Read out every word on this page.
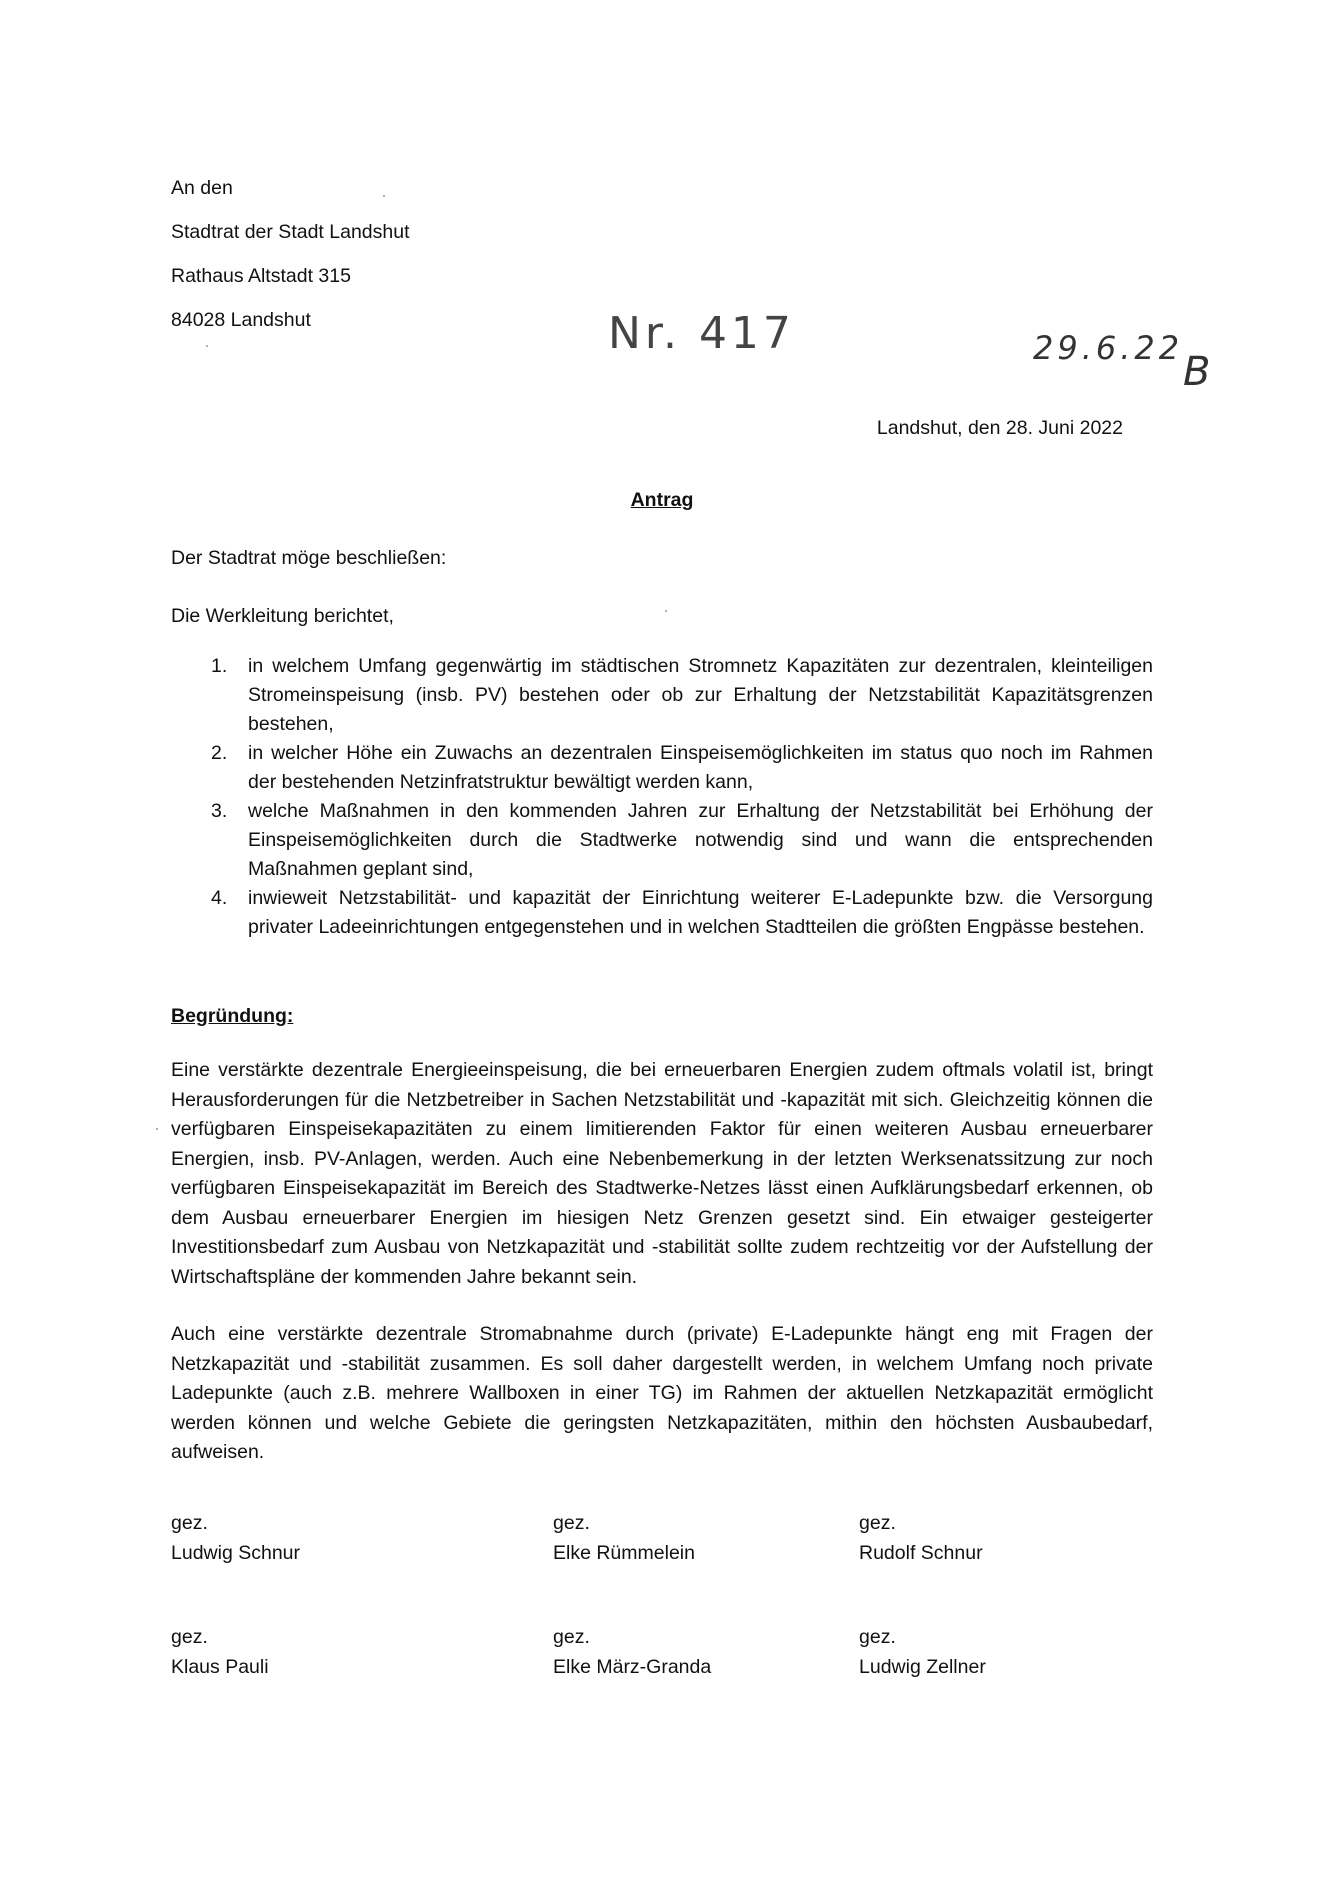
An den
Stadtrat der Stadt Landshut
Rathaus Altstadt 315
84028 Landshut	Nr. 417	29.6.22
B
Landshut, den 28. Juni 2022
Antrag
Der Stadtrat möge beschließen:
Die Werkleitung berichtet,
1. in welchem Umfang gegenwärtig im städtischen Stromnetz Kapazitäten zur dezentralen, kleinteiligen Stromeinspeisung (insb. PV) bestehen oder ob zur Erhaltung der Netzstabilität Kapazitätsgrenzen bestehen,
2. in welcher Höhe ein Zuwachs an dezentralen Einspeisemöglichkeiten im status quo noch im Rahmen der bestehenden Netzinfratstruktur bewältigt werden kann,
3. welche Maßnahmen in den kommenden Jahren zur Erhaltung der Netzstabilität bei Erhöhung der Einspeisemöglichkeiten durch die Stadtwerke notwendig sind und wann die entsprechenden Maßnahmen geplant sind,
4. inwieweit Netzstabilität- und kapazität der Einrichtung weiterer E-Ladepunkte bzw. die Versorgung privater Ladeeinrichtungen entgegenstehen und in welchen Stadtteilen die größten Engpässe bestehen.
Begründung:
Eine verstärkte dezentrale Energieeinspeisung, die bei erneuerbaren Energien zudem oftmals volatil ist, bringt Herausforderungen für die Netzbetreiber in Sachen Netzstabilität und -kapazität mit sich. Gleichzeitig können die verfügbaren Einspeisekapazitäten zu einem limitierenden Faktor für einen weiteren Ausbau erneuerbarer Energien, insb. PV-Anlagen, werden. Auch eine Nebenbemerkung in der letzten Werksenatssitzung zur noch verfügbaren Einspeisekapazität im Bereich des Stadtwerke-Netzes lässt einen Aufklärungsbedarf erkennen, ob dem Ausbau erneuerbarer Energien im hiesigen Netz Grenzen gesetzt sind. Ein etwaiger gesteigerter Investitionsbedarf zum Ausbau von Netzkapazität und -stabilität sollte zudem rechtzeitig vor der Aufstellung der Wirtschaftspläne der kommenden Jahre bekannt sein.
Auch eine verstärkte dezentrale Stromabnahme durch (private) E-Ladepunkte hängt eng mit Fragen der Netzkapazität und -stabilität zusammen. Es soll daher dargestellt werden, in welchem Umfang noch private Ladepunkte (auch z.B. mehrere Wallboxen in einer TG) im Rahmen der aktuellen Netzkapazität ermöglicht werden können und welche Gebiete die geringsten Netzkapazitäten, mithin den höchsten Ausbaubedarf, aufweisen.
gez.
Ludwig Schnur
gez.
Elke Rümmelein
gez.
Rudolf Schnur
gez.
Klaus Pauli
gez.
Elke März-Granda
gez.
Ludwig Zellner
